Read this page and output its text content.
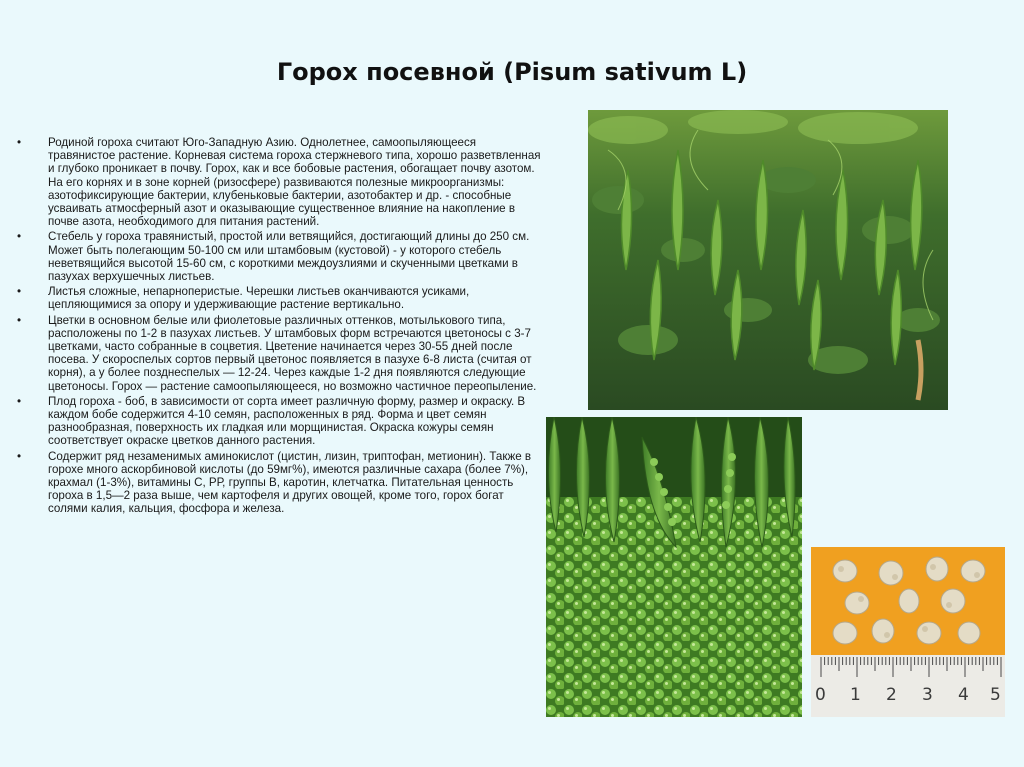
Горох посевной (Pisum sativum L)
• Родиной гороха считают Юго-Западную Азию. Однолетнее, самоопыляющееся травянистое растение. Корневая система гороха стержневого типа, хорошо разветвленная и глубоко проникает в почву. Горох, как и все бобовые растения, обогащает почву азотом. На его корнях и в зоне корней (ризосфере) развиваются полезные микроорганизмы: азотофиксирующие бактерии, клубеньковые бактерии, азотобактер и др. - способные усваивать атмосферный азот и оказывающие существенное влияние на накопление в почве азота, необходимого для питания растений.
• Стебель у гороха травянистый, простой или ветвящийся, достигающий длины до 250 см. Может быть полегающим 50-100 см или штамбовым (кустовой) - у которого стебель неветвящийся высотой 15-60 см, с короткими междоузлиями и скученными цветками в пазухах верхушечных листьев.
• Листья сложные, непарноперистые. Черешки листьев оканчиваются усиками, цепляющимися за опору и удерживающие растение вертикально.
• Цветки в основном белые или фиолетовые различных оттенков, мотылькового типа, расположены по 1-2 в пазухах листьев. У штамбовых форм встречаются цветоносы с 3-7 цветками, часто собранные в соцветия. Цветение начинается через 30-55 дней после посева. У скороспелых сортов первый цветонос появляется в пазухе 6-8 листа (считая от корня), а у более позднеспелых — 12-24. Через каждые 1-2 дня появляются следующие цветоносы. Горох — растение самоопыляющееся, но возможно частичное переопыление.
• Плод гороха - боб, в зависимости от сорта имеет различную форму, размер и окраску. В каждом бобе содержится 4-10 семян, расположенных в ряд. Форма и цвет семян разнообразная, поверхность их гладкая или морщинистая. Окраска кожуры семян соответствует окраске цветков данного растения.
• Содержит ряд незаменимых аминокислот (цистин, лизин, триптофан, метионин). Также в горохе много аскорбиновой кислоты (до 59мг%), имеются различные сахара (более 7%), крахмал (1-3%), витамины С, РР, группы В, каротин, клетчатка. Питательная ценность гороха в 1,5—2 раза выше, чем картофеля и других овощей, кроме того, горох богат солями калия, кальция, фосфора и железа.
0 1 2 3 4 5
